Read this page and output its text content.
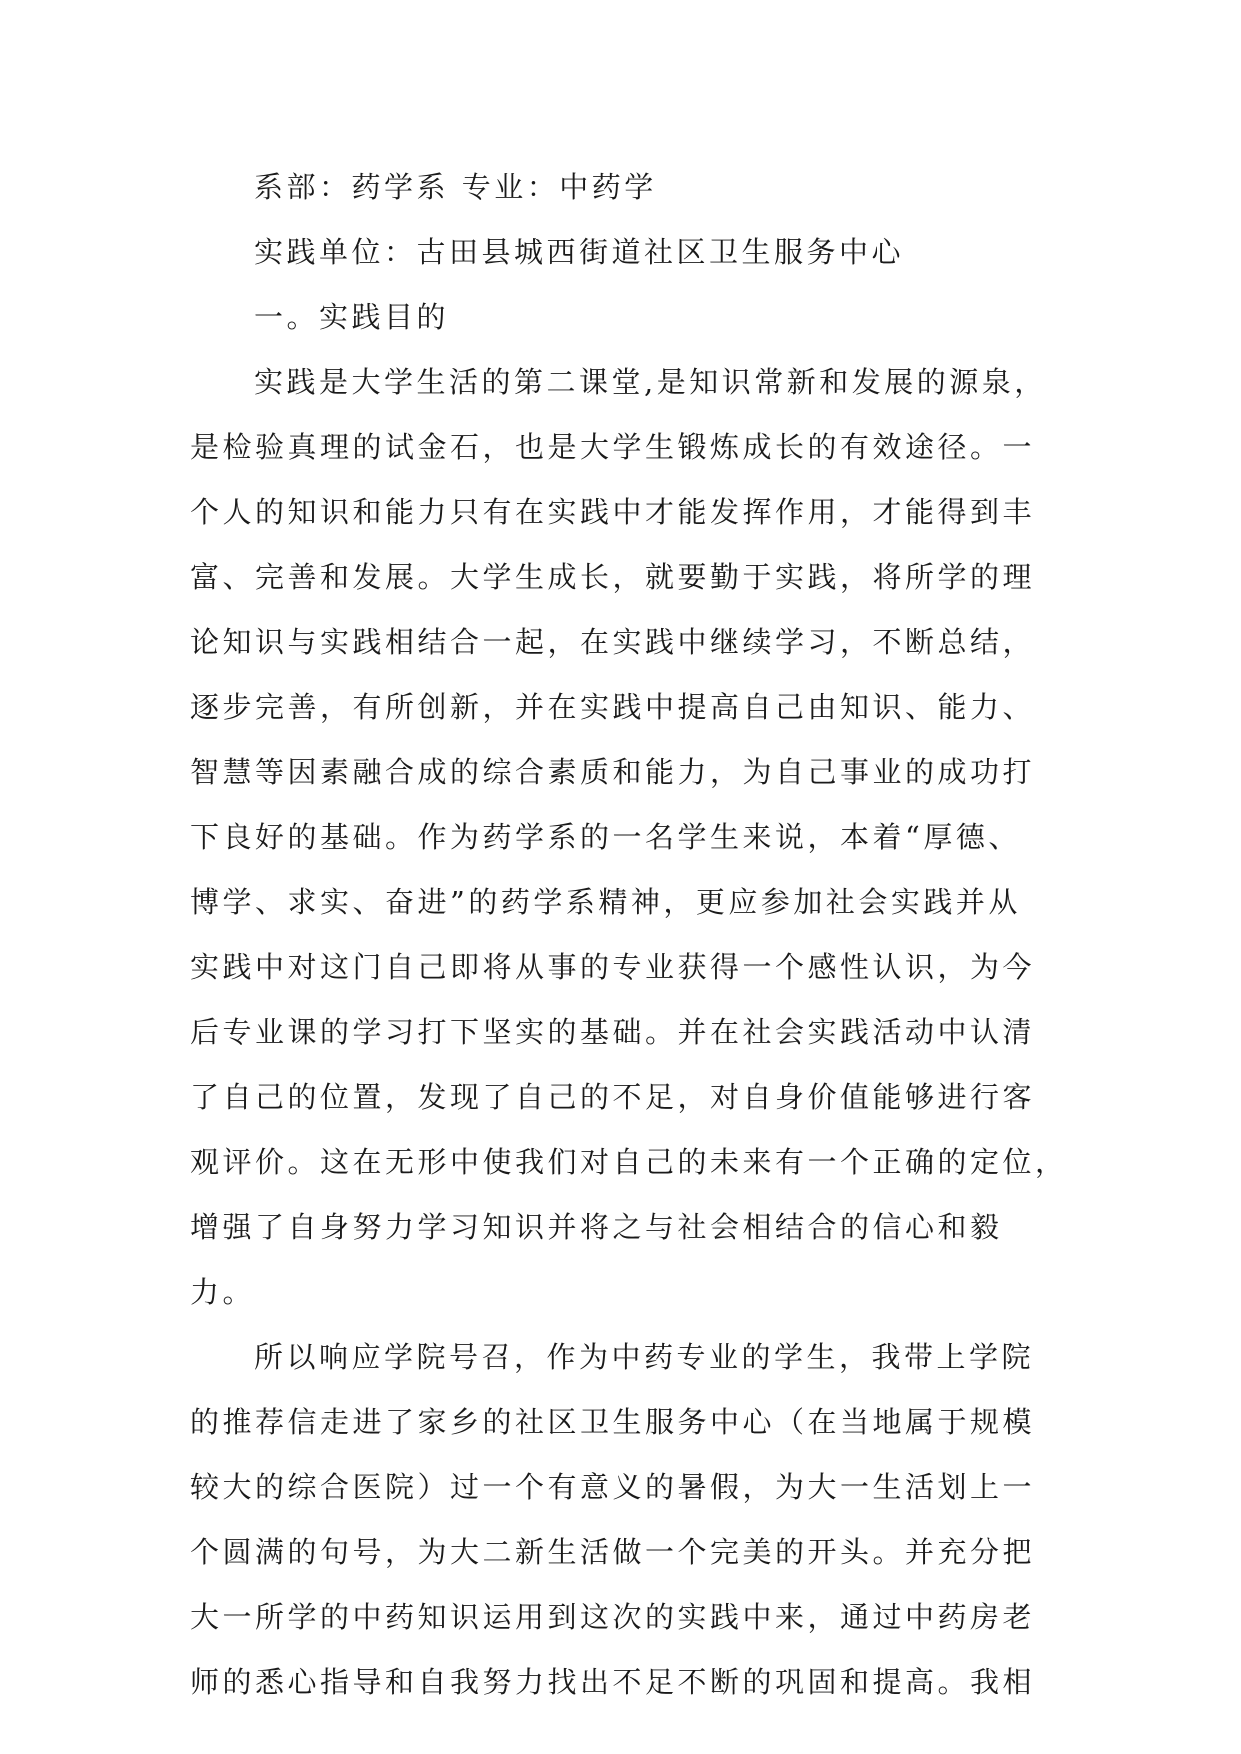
系部：药学系 专业：中药学
实践单位：古田县城西街道社区卫生服务中心
一。实践目的
实践是大学生活的第二课堂,是知识常新和发展的源泉，
是检验真理的试金石，也是大学生锻炼成长的有效途径。一
个人的知识和能力只有在实践中才能发挥作用，才能得到丰
富、完善和发展。大学生成长，就要勤于实践，将所学的理
论知识与实践相结合一起，在实践中继续学习，不断总结，
逐步完善，有所创新，并在实践中提高自己由知识、能力、
智慧等因素融合成的综合素质和能力，为自己事业的成功打
下良好的基础。作为药学系的一名学生来说，本着“厚德、
博学、求实、奋进”的药学系精神，更应参加社会实践并从
实践中对这门自己即将从事的专业获得一个感性认识，为今
后专业课的学习打下坚实的基础。并在社会实践活动中认清
了自己的位置，发现了自己的不足，对自身价值能够进行客
观评价。这在无形中使我们对自己的未来有一个正确的定位，
增强了自身努力学习知识并将之与社会相结合的信心和毅
力。
所以响应学院号召，作为中药专业的学生，我带上学院
的推荐信走进了家乡的社区卫生服务中心（在当地属于规模
较大的综合医院）过一个有意义的暑假，为大一生活划上一
个圆满的句号，为大二新生活做一个完美的开头。并充分把
大一所学的中药知识运用到这次的实践中来，通过中药房老
师的悉心指导和自我努力找出不足不断的巩固和提高。我相
